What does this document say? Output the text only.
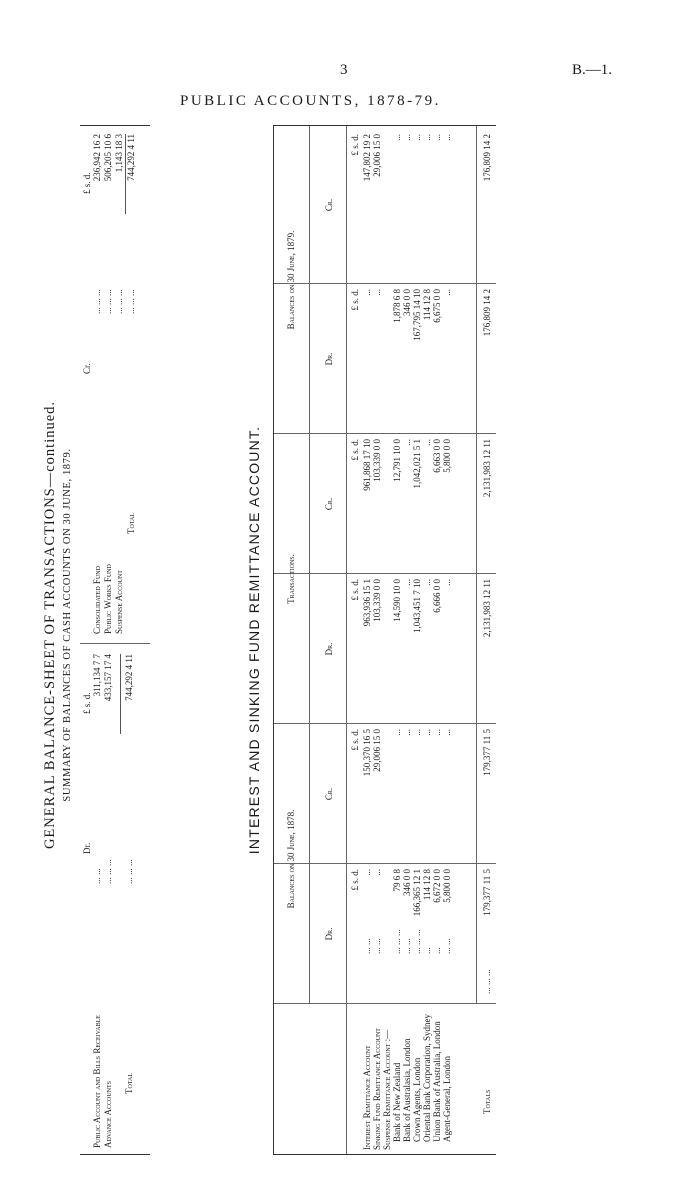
3	B.—1.
PUBLIC ACCOUNTS, 1878-79.
GENERAL BALANCE-SHEET OF TRANSACTIONS—continued. SUMMARY OF BALANCES OF CASH ACCOUNTS ON 30 JUNE, 1879.
Dr.
Cr.
£ s. d.
£ s. d.
Public Account and Bills Receivable
... ...
311,134 7 7
Advance Accounts
... ... ...
433,157 17 4
Total
... ... ...
744,292 4 11
Consolidated Fund
... ... ...
236,942 16 2
Public Works Fund
... ... ...
506,205 10 6
Suspense Account
... ... ...
1,143 18 3
Total
... ... ...
744,292 4 11
INTEREST AND SINKING FUND REMITTANCE ACCOUNT.
Balances on 30 June, 1878.
Transactions.
Balances on 30 June, 1879.
Dr.
Cr.
Dr.
Cr.
Dr.
Cr.
£ s. d.
£ s. d.
£ s. d.
£ s. d.
£ s. d.
£ s. d.
Interest Remittance Account
... ...
...
150,370 16 5
963,936 15 1
961,868 17 10
...
147,802 19 2
Sinking Fund Remittance Account
... ...
...
29,006 15 0
103,339 0 0
103,339 0 0
...
29,006 15 0
Suspense Remittance Account :— Bank of New Zealand
... ... ...
79 6 8
...
14,590 10 0
12,791 10 0
1,878 6 8
...
Bank of Australasia, London
... ...
346 0 0
...
...
...
346 0 0
...
Crown Agents, London
... ... ...
166,365 12 1
...
1,043,451 7 10
1,042,021 5 1
167,795 14 10
...
Oriental Bank Corporation, Sydney
...
114 12 8
...
...
...
114 12 8
...
Union Bank of Australia, London
...
6,672 0 0
...
6,666 0 0
6,663 0 0
6,675 0 0
...
Agent-General, London
... ...
5,800 0 0
...
...
5,800 0 0
...
...
Totals
... ... ...
179,377 11 5
179,377 11 5
2,131,983 12 11
2,131,983 12 11
176,809 14 2
176,809 14 2
